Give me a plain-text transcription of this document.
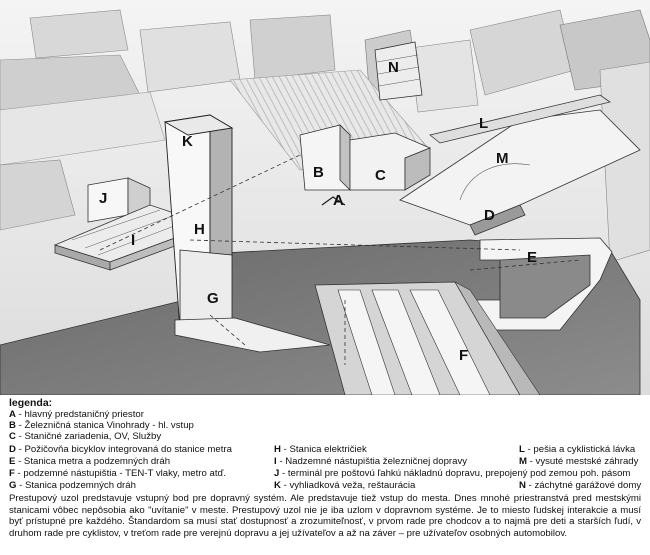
A
B	C
D
E
F
G
H
I
J
K
L
M
N
legenda:
A - hlavný predstaničný priestor
B - Železničná stanica Vinohrady - hl. vstup
C - Staničné zariadenia, OV, Služby
D - Požičovňa bicyklov integrovaná do stanice metra
E - Stanica metra a podzemných dráh
F - podzemné nástupištia - TEN-T vlaky, metro atď.
G - Stanica podzemných dráh
H - Stanica električiek
I - Nadzemné nástupištia železničnej dopravy
J - terminál pre poštovú ľahkú nákladnú dopravu, prepojený pod zemou poh. pásom
K - vyhliadková veža, reštaurácia
L - pešia a cyklistická lávka
M - vysuté mestské záhrady
N - záchytné garážové domy
Prestupový uzol predstavuje vstupný bod pre dopravný systém. Ale predstavuje tiež vstup do mesta. Dnes mnohé priestranstvá pred mestskými stanicami vôbec nepôsobia ako "uvítanie" v meste. Prestupový uzol nie je iba uzlom v dopravnom systéme. Je to miesto ľudskej interakcie a musí byť prístupné pre každého. Štandardom sa musí stať dostupnosť a zrozumiteľnosť, v prvom rade pre chodcov a to najmä pre deti a starších ľudí, v druhom rade pre cyklistov, v treťom rade pre verejnú dopravu a jej užívateľov a až na záver – pre užívateľov osobných automobilov.
